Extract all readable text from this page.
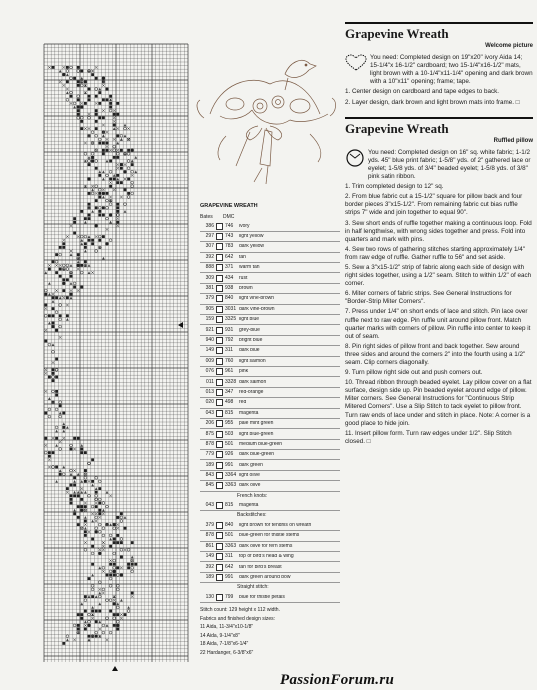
GRAPEVINE WREATH
Bates	DMC
386	746	ivory
297	743	light yellow
307	783	dark yellow
392	642	tan
888	371	warm tan
309	434	rust
381	938	brown
379	840	light vine-brown
905	3031 dark vine-brown
159	3325 light blue
921	931	grey-blue
940	792	bright blue
149	311	dark blue
009	760	light salmon
076	961	pink
011	3328 dark salmon
013	347	red-orange
020	498	red
043	815	magenta
206	955	pale mint green
875	503	light blue-green
878	501	medium blue-green
779	926	dark blue-green
189	991	dark green
843	3364 light olive
845	3363 dark olive
French knots:
043	815	magenta
Backstitches:
379	840	light brown for tendrils on wreath
878	501	blue-green for thistle stems
861	3363 dark olive for fern stems
149	311	top of bird's head & wing
392	642	tan for bird's breast
189	991	dark green around bow
Straight stitch:
130	799	blue for thistle petals
Stitch count: 129 height x 112 width.
Fabrics and finished design sizes:
11 Aida, 11-3/4"x10-1/8"
14 Aida, 9-1/4"x8"
18 Aida, 7-1/8"x6-1/4"
22 Hardanger, 6-3/8"x6"
Grapevine Wreath
Welcome picture
You need: Completed design on 19"x20" ivory Aida 14; 15-1/4"x 16-1/2" cardboard; two 15-1/4"x16-1/2" mats, light brown with a 10-1/4"x11-1/4" opening and dark brown with a 10"x11" opening; frame; tape.
1. Center design on cardboard and tape edges to back.
2. Layer design, dark brown and light brown mats into frame. □
Grapevine Wreath
Ruffled pillow
You need: Completed design on 16" sq. white fabric; 1-1/2 yds. 45" blue print fabric; 1-5/8" yds. of 2" gathered lace or eyelet; 1-5/8 yds. of 3/4" beaded eyelet; 1-5/8 yds. of 3/8" pink satin ribbon.
1. Trim completed design to 12" sq.
2. From blue fabric cut a 15-1/2" square for pillow back and four border pieces 3"x15-1/2". From remaining fabric cut bias ruffle strips 7" wide and join together to equal 90".
3. Sew short ends of ruffle together making a continuous loop. Fold in half lengthwise, with wrong sides together and press. Fold into quarters and mark with pins.
4. Sew two rows of gathering stitches starting approximately 1/4" from raw edge of ruffle. Gather ruffle to 56" and set aside.
5. Sew a 3"x15-1/2" strip of fabric along each side of design with right sides together, using a 1/2" seam. Stitch to within 1/2" of each corner.
6. Miter corners of fabric strips. See General Instructions for "Border-Strip Miter Corners".
7. Press under 1/4" on short ends of lace and stitch. Pin lace over ruffle next to raw edge. Pin ruffle unit around pillow front. Match quarter marks with corners of pillow. Pin ruffle into center to keep it out of seam.
8. Pin right sides of pillow front and back together. Sew around three sides and around the corners 2" into the fourth using a 1/2" seam. Clip corners diagonally.
9. Turn pillow right side out and push corners out.
10. Thread ribbon through beaded eyelet. Lay pillow cover on a flat surface, design side up. Pin beaded eyelet around edge of pillow. Miter corners. See General Instructions for "Continuous Strip Mitered Corners". Use a Slip Stitch to tack eyelet to pillow front. Turn raw ends of lace under and stitch in place. Note: A corner is a good place to hide join.
11. Insert pillow form. Turn raw edges under 1/2". Slip Stitch closed. □
PassionForum.ru
